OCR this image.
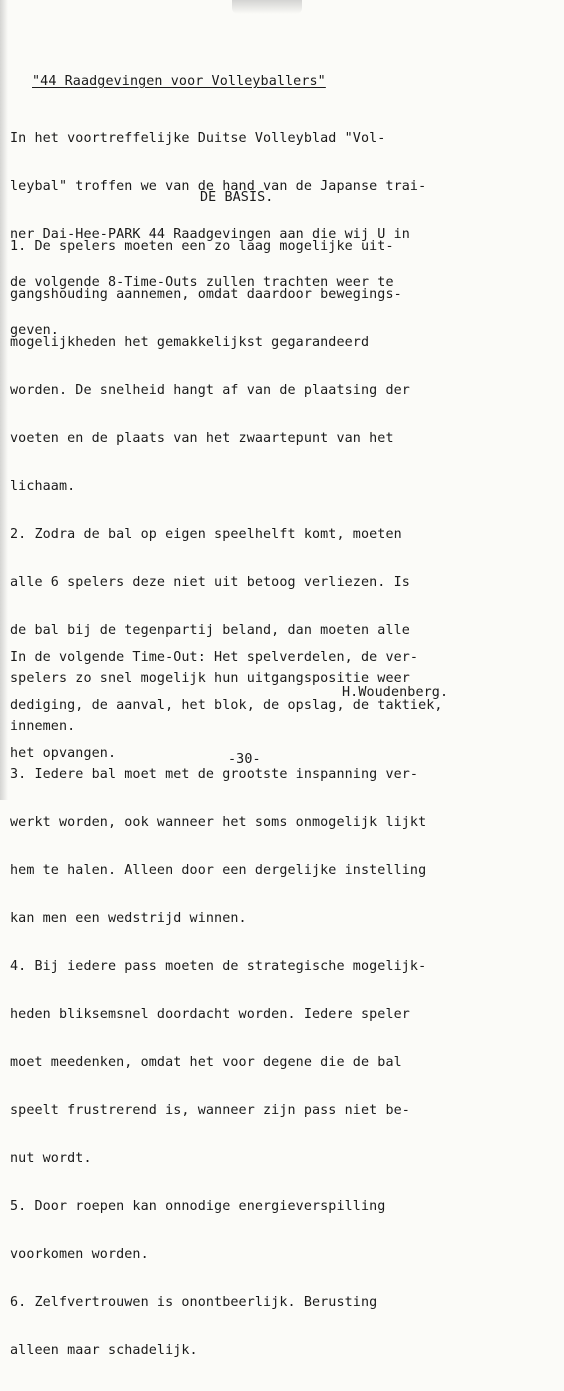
"44 Raadgevingen voor Volleyballers"

In het voortreffelijke Duitse Volleyblad "Vol-

leybal" troffen we van de hand van de Japanse trai-

ner Dai-Hee-PARK 44 Raadgevingen aan die wij U in

de volgende 8-Time-Outs zullen trachten weer te

geven.

DE BASIS.

1. De spelers moeten een zo laag mogelijke uit-

gangshouding aannemen, omdat daardoor bewegings-

mogelijkheden het gemakkelijkst gegarandeerd

worden. De snelheid hangt af van de plaatsing der

voeten en de plaats van het zwaartepunt van het

lichaam.

2. Zodra de bal op eigen speelhelft komt, moeten

alle 6 spelers deze niet uit betoog verliezen. Is

de bal bij de tegenpartij beland, dan moeten alle

spelers zo snel mogelijk hun uitgangspositie weer

innemen.

3. Iedere bal moet met de grootste inspanning ver-

werkt worden, ook wanneer het soms onmogelijk lijkt

hem te halen. Alleen door een dergelijke instelling

kan men een wedstrijd winnen.

4. Bij iedere pass moeten de strategische mogelijk-

heden bliksemsnel doordacht worden. Iedere speler

moet meedenken, omdat het voor degene die de bal

speelt frustrerend is, wanneer zijn pass niet be-

nut wordt.

5. Door roepen kan onnodige energieverspilling

voorkomen worden.

6. Zelfvertrouwen is onontbeerlijk. Berusting

alleen maar schadelijk.

In de volgende Time-Out: Het spelverdelen, de ver-

dediging, de aanval, het blok, de opslag, de taktiek,

het opvangen.

H.Woudenberg.
-30-
